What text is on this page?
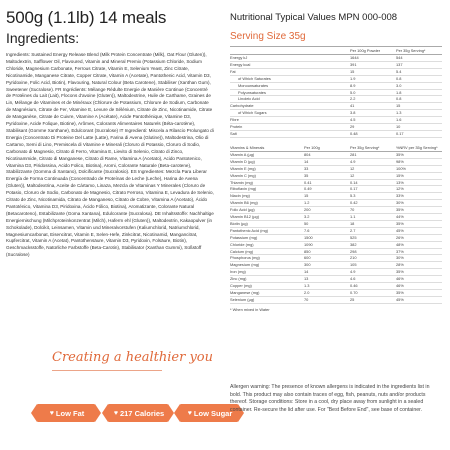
500g (1.1lb) 14 meals
Ingredients:
Ingredients: Sustained Energy Release Blend (Milk Protein Concentrate (Milk), Oat Flour (Gluten)), Maltodextrin, Safflower Oil, Flavoured, Vitamin and Mineral Premix (Potassium Chloride, Sodium Chloride, Magnesium Carbonate, Ferrous Citrate, Vitamin E, Selenium Yeast, Zinc Citrate, Nicotinamide, Manganese Citrate, Copper Citrate, Vitamin A (Acetate), Pantothenic Acid, Vitamin D3, Pyridoxine, Folic Acid, Biotin), Flavouring, Natural Colour (Beta Carotene), Stabiliser (Xanthan Gum), Sweetener (Sucralose). FR Ingrédients: Mélange Rédulte Energie de Manière Continue (Concentré de Protéines du Lait (Lait), Flocons d'avoine (Gluten)), Maltodextrine, Huile de Carthame, Graines de Lin, Mélange de Vitamines et de Minéraux (Chlorure de Potassium, Chlorure de Sodium, Carbonate de Magnésium, Citrate de Fer, Vitamine E, Levure de Sélénium, Citrate de Zinc, Nicotinamide, Citrate de Manganèse, Citrate de Cuivre, Vitamine A (Acétate), Acide Pantothénique, Vitamine D3, Pyridoxine, Acide Folique, Biotine), Arômes, Colorants Alimentaires Naturels (Béta-carotène), Stabilisant (Gomme Xanthane), Edulcorant (Sucralose) IT Ingredienti: Miscela a Rilascio Prolungato di Energia (Concentrato Di Proteine Del Latte (Latte), Farina di Avena (Glutine)), Maltodestrina, Olio di Cartamo, Semi di Lino, Premiscela di Vitamine e Minerali (Cloruro di Potassio, Cloruro di Sodio, Carbonato di Magnesio, Citrato di Ferro, Vitamina E, Lievito di Selenio, Citrato di Zinco, Nicotinammide, Citrato di Manganese, Citrato di Rame, Vitamina A (Acetato), Acido Pantotenico, Vitamina D3, Piridossina, Acido Folico, Biotina), Aromi, Colorante Naturale (Beta-carotene), Stabilizzante (Gomma di Xantano), Dolcificante (Sucralosio). ES Ingredientes: Mezcla Para Liberar Energía de Forma Continuada (Concentrado de Proteínas de Leche (Leche), Harina de Avena (Gluten)), Maltodextrina, Aceite de Cártamo, Linaza, Mezcla de Vitaminas Y Minerales (Cloruro de Potasio, Cloruro de Sodio, Carbonato de Magnesio, Citrato Ferroso, Vitamina E, Levadura de Selenio, Citrato de Zinc, Nicotinamida, Citrato de Manganeso, Citrato de Cobre, Vitamina A (Acetato), Ácido Pantoténico, Vitamina D3, Piridoxina, Ácido Fólico, Biotina), Aromatizante, Colorante Natural (Betacaroteno), Estabilizante (Goma Xantana), Edulcorante (Sucralosa). DE Inhaltsstoffe: Nachhaltige Energiemischung (Milchproteinkonzentrat (Milch), Haferm ehl (Gluten)), Maltodextrin, Kakaopulver (in Schokolade), Dolcikit, Leinsamen, Vitamin und Mineralvorstufen (Kaliumchlorid, Natriumchlorid, Magnesiumcarbonat, Eisencitrat, Vitamin E, Selen-Hefe, Zinkcitrat, Nicotinamid, Mangancitrat, Kupfercitrat, Vitamin A (Acetat), Pantothensäure, Vitamin D3, Pyridoxin, Folsäure, Biotin), Geschmacksstoffe, Natürliche Farbstoffe (Beta-Carotin), Stabilisator (Xanthan Gummi), Süßstoff (Sucralose)
Creating a healthier you
♥ Low Fat	♥ 217 Calories	♥ Low Sugar
Nutritional Typical Values MPN 000-008
Serving Size 35g
	Per 100g Powder	Per 35g Serving*
Energy kJ	1644	544
Energy kcal	391	137
Fat	15	5.4
of Which Saturates	1.9	0.8
Monounsaturates	8.9	3.0
Polyunsaturates	5.0	1.8
Linoleic Acid	2.2	0.8
Carbohydrate	41	15
of Which Sugars	3.8	1.3
Fibre	4.5	1.6
Protein	29	10
Salt	0.48	0.17
Vitamins & Minerals	Per 100g	Per 35g Serving*	%NRV per 35g Serving*
Vitamin A (µg)	804	281	35%
Vitamin D (µg)	14	4.9	98%
Vitamin E (mg)	33	12	100%
Vitamin C (mg)	35	12	15%
Thiamin (mg)	0.41	0.14	13%
Riboflavin (mg)	0.49	0.17	12%
Niacin (mg)	15	5.3	33%
Vitamin B6 (mg)	1.2	0.42	30%
Folic Acid (µg)	200	70	35%
Vitamin B12 (µg)	3.2	1.1	44%
Biotin (µg)	50	18	35%
Pantothenic Acid (mg)	7.6	2.7	45%
Potassium (mg)	1500	525	26%
Chloride (mg)	1090	382	48%
Calcium (mg)	850	298	37%
Phosphorus (mg)	600	210	30%
Magnesium (mg)	300	105	28%
Iron (mg)	14	4.9	35%
Zinc (mg)	13	4.6	46%
Copper (mg)	1.3	0.46	46%
Manganese (mg)	2.0	0.70	35%
Selenium (µg)	70	25	45%
* When mixed in Water
Allergen warning: The presence of known allergens is indicated in the ingredients list in bold. This product may also contain traces of egg, fish, peanuts, nuts and/or products thereof. Storage conditions: Store in a cool, dry place away from sunlight in a sealed container. Re-secure the lid after use. For "Best Before End", see base of container.
